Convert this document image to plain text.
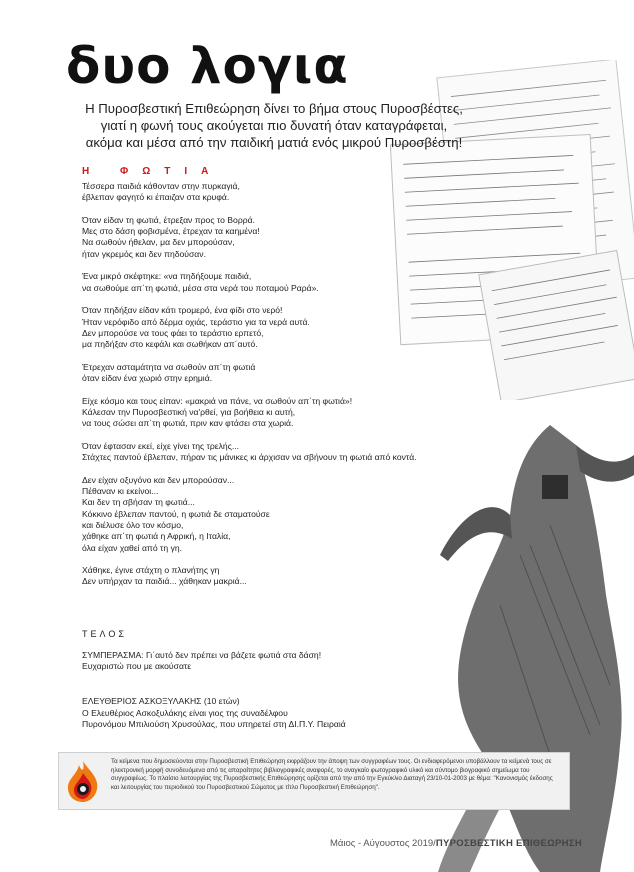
δυο λογια
Η Πυροσβεστική Επιθεώρηση δίνει το βήμα στους Πυροσβέστες,
γιατί η φωνή τους ακούγεται πιο δυνατή όταν καταγράφεται,
ακόμα και μέσα από την παιδική ματιά ενός μικρού Πυροσβέστη!
Η ΦΩΤΙΑ
Τέσσερα παιδιά κάθονταν στην πυρκαγιά,
έβλεπαν φαγητό κι έπαιζαν στα κρυφά.
Όταν είδαν τη φωτιά, έτρεξαν προς το Βορρά.
Μες στο δάση φοβισμένα, έτρεχαν τα καημένα!
Να σωθούν ήθελαν, μα δεν μπορούσαν,
ήταν γκρεμός και δεν πηδούσαν.
Ένα μικρό σκέφτηκε: «να πηδήξουμε παιδιά,
να σωθούμε απ΄τη φωτιά, μέσα στα νερά του ποταμού Ραρά».
Όταν πηδήξαν είδαν κάτι τρομερό, ένα φίδι στο νερό!
Ήταν νερόφιδο από δέρμα οχιάς, τεράστιο για τα νερά αυτά.
Δεν μπορούσε να τους φάει το τεράστιο ερπετό,
μα πηδήξαν στο κεφάλι και σωθήκαν απ΄αυτό.
Έτρεχαν ασταμάτητα να σωθούν απ΄τη φωτιά
όταν είδαν ένα χωριό στην ερημιά.
Είχε κόσμο και τους είπαν: «μακριά να πάνε, να σωθούν απ΄τη φωτιά»!
Κάλεσαν την Πυροσβεστική να'ρθεί, για βοήθεια κι αυτή,
να τους σώσει απ΄τη φωτιά, πριν καν φτάσει στα χωριά.
Όταν έφτασαν εκεί, είχε γίνει της τρελής...
Στάχτες παντού έβλεπαν, πήραν τις μάνικες κι άρχισαν να σβήνουν τη φωτιά από κοντά.
Δεν είχαν οξυγόνο και δεν μπορούσαν...
Πέθαναν κι εκείνοι...
Και δεν τη σβήσαν τη φωτιά...
Κόκκινο έβλεπαν παντού, η φωτιά δε σταματούσε
και διέλυσε όλο τον κόσμο,
χάθηκε απ΄τη φωτιά η Αφρική, η Ιταλία,
όλα είχαν χαθεί από τη γη.
Χάθηκε, έγινε στάχτη ο πλανήτης γη
Δεν υπήρχαν τα παιδιά... χάθηκαν μακριά...
ΤΕΛΟΣ
ΣΥΜΠΕΡΑΣΜΑ: Γι΄αυτό δεν πρέπει να βάζετε φωτιά στα δάση!
Ευχαριστώ που με ακούσατε
ΕΛΕΥΘΕΡΙΟΣ ΑΣΚΟΞΥΛΑΚΗΣ (10 ετών)
Ο Ελευθέριος Ασκοξυλάκης είναι γιος της συναδέλφου
Πυρονόμου Μπιλιούση Χρυσούλας, που υπηρετεί στη ΔΙ.Π.Υ. Πειραιά
Τα κείμενα που δημοσιεύονται στην Πυροσβεστική Επιθεώρηση εκφράζουν την άποψη των συγγραφέων τους. Οι ενδιαφερόμενοι υποβάλλουν τα κείμενά τους σε ηλεκτρονική μορφή συνοδευόμενα από τις απαραίτητες βιβλιογραφικές αναφορές, το αναγκαίο φωτογραφικό υλικό και σύντομο βιογραφικό σημείωμα του συγγραφέως. Το πλαίσιο λειτουργίας της Πυροσβεστικής Επιθεώρησης ορίζεται από την από την Εγκύκλιο Διαταγή 23/10-01-2003 με θέμα: "Κανονισμός έκδοσης και λειτουργίας του περιοδικού του Πυροσβεστικού Σώματος με τίτλο Πυροσβεστική Επιθεώρηση".
Μάιος - Αύγουστος 2019/ΠΥΡΟΣΒΕΣΤΙΚΗ ΕΠΙΘΕΩΡΗΣΗ
